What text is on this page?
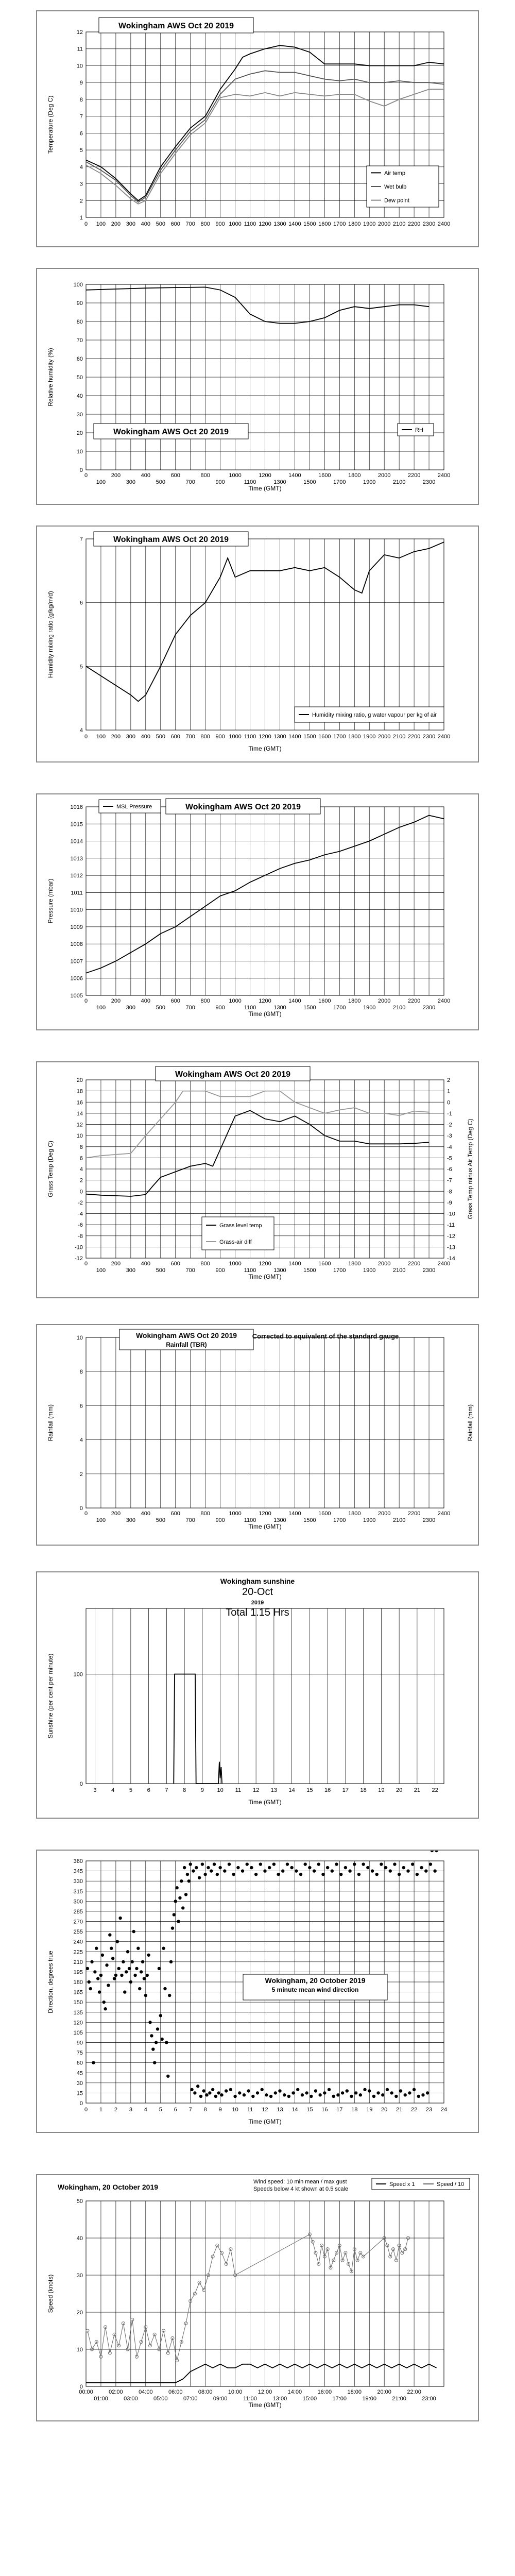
1
2
3
4
5
6
7
8
9
10
11
12
0 100 200 300 400 500 600 700 800 900 1000 1100 1200 1300 1400 1500 1600 1700 1800 1900 2000 2100 2200 2300 2400
Temperature (Deg C)
Wokingham AWS Oct 20 2019
Air temp
Wet bulb
Dew point
0
10
20
30
40
50
60
70
80
90
100
0	200	400	600	800	1000	1200	1400	1600	1800	2000	2200	2400
100	300	500	700	900	1100	1300	1500	1700	1900	2100	2300
Time (GMT)
Relative humidity (%)
Wokingham AWS Oct 20 2019	RH
4
5
6
7
0 100 200 300 400 500 600 700 800 900 1000 1100 1200 1300 1400 1500 1600 1700 1800 1900 2000 2100 2200 2300 2400
Time (GMT)
Humidity mixing ratio (g/kg/m/d)
Wokingham AWS Oct 20 2019
Humidity mixing ratio, g water vapour per kg of air
1005
1006
1007
1008
1009
1010
1011
1012
1013
1014
1015
1016
0	200	400	600	800	1000	1200	1400	1600	1800	2000	2200	2400
100	300	500	700	900	1100	1300	1500	1700	1900	2100	2300
Time (GMT)
Pressure (mbar)
Wokingham AWS Oct 20 2019
MSL Pressure
-12
-10
-8
-6
-4
-2
0
2
4
6
8
10
12
14
16
18
20
-14
-13
-12
-11
-10
-9
-8
-7
-6
-5
-4
-3
-2
-1
0
1
2
0	200	400	600	800	1000	1200	1400	1600	1800	2000	2200	2400
100	300	500	700	900	1100	1300	1500	1700	1900	2100	2300
Time (GMT)
Grass Temp (Deg C)	Grass Temp minus Air Temp (Deg C)
Wokingham AWS Oct 20 2019
Grass level temp
Grass-air diff
0
2
4
6
8
10
0	200	400	600	800	1000	1200	1400	1600	1800	2000	2200	2400
100	300	500	700	900	1100	1300	1500	1700	1900	2100	2300
Time (GMT)
Rainfall (mm)	Rainfall (mm)
Wokingham AWS Oct 20 2019
Rainfall (TBR)
Corrected to equivalent of the standard gauge
0
100
3	4	5	6	7	8	9 10 11 12 13 14 15 16 17 18 19 20 21 22
Time (GMT)
Sunshine (per cent per minute)
Wokingham sunshine
20-Oct
2019
Total 1.15 Hrs
0
15
30
45
60
75
90
105
120
135
150
165
180
195
210
225
240
255
270
285
300
315
330
345
360
0 1 2 3 4 5 6 7 8 9 10 11 12 13 14 15 16 17 18 19 20 21 22 23 24
Time (GMT)
Direction, degrees true	Wokingham, 20 October 2019
5 minute mean wind direction
0
10
20
30
40
50
00:00	02:00	04:00	06:00	08:00	10:00	12:00	14:00	16:00	18:00	20:00	22:00
01:00	03:00	05:00	07:00	09:00	11:00	13:00	15:00	17:00	19:00	21:00	23:00
Time (GMT)
Speed (knots)
Wokingham, 20 October 2019
Wind speed: 10 min mean / max gust
Speeds below 4 kt shown at 0.5 scale
Speed x 1	Speed / 10
